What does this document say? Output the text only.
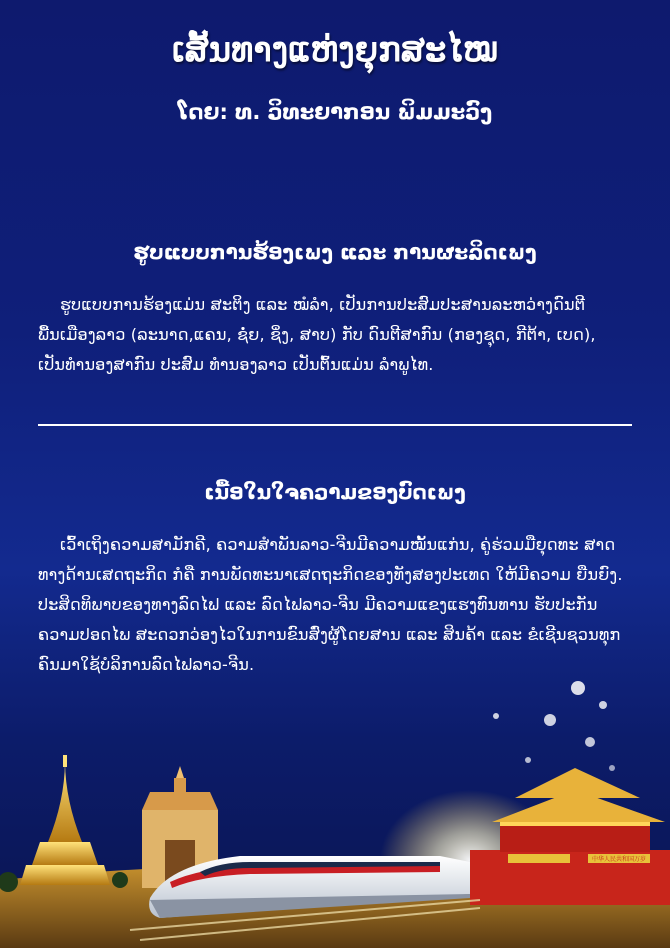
ເສັ້ນທາງແຫ່ງຍຸກສະໄໝ
ໂດຍ: ທ. ວິທະຍາກອນ ພິມມະວົງ
ຮູບແບບການຮ້ອງເພງ ແລະ ການຜະລິດເພງ
ຮູບແບບການຮ້ອງແມ່ນ ສະຕິງ ແລະ ໝໍລຳ, ເປັນການປະສົມປະສານລະຫວ່າງດົນຕີ ພື້ນເມືອງລາວ (ລະນາດ,ແຄນ, ຊໍ່ຍ, ຊິ່ງ, ສາບ) ກັບ ດົນຕີສາກົນ (ກອງຊຸດ, ກີຕ້າ, ເບດ), ເປັນທຳນອງສາກົນ ປະສົມ ທຳນອງລາວ ເປັນຕົ້ນແມ່ນ ລຳພູໄທ.
ເນື້ອໃນໃຈຄວາມຂອງບົດເພງ
ເວົ້າເຖິງຄວາມສາມັກຄີ, ຄວາມສຳພັນລາວ-ຈີນມີຄວາມໝັ້ນແກ່ນ, ຄູ່ຮ່ວມມືຍຸດທະ ສາດທາງດ້ານເສດຖະກິດ ກໍຄື ການພັດທະນາເສດຖະກິດຂອງທັງສອງປະເທດ ໃຫ້ມີຄວາມ ຍືນຍົງ. ປະສິດທິພາບຂອງທາງລົດໄຟ ແລະ ລົດໄຟລາວ-ຈີນ ມີຄວາມແຂງແຮງທົນທານ ຮັບປະກັນຄວາມປອດໄພ ສະດວກວ່ອງໄວໃນການຂົນສົ່ງຜູ້ໂດຍສານ ແລະ ສິນຄ້າ ແລະ ຂໍເຊີນຊວນທຸກຄົນມາໃຊ້ບໍລິການລົດໄຟລາວ-ຈີນ.
中华人民共和国万岁
